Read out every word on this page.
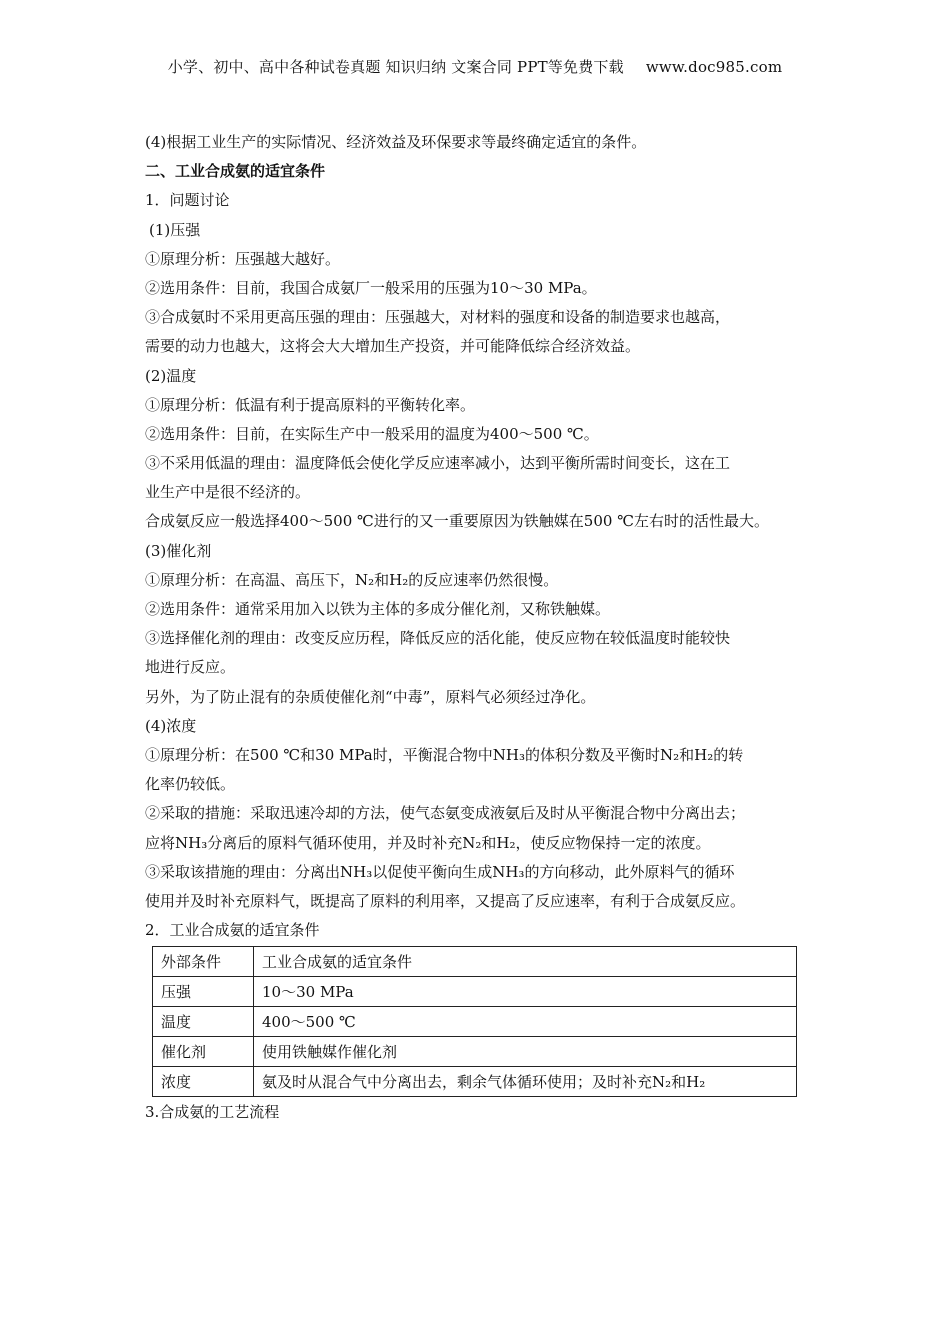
小学、初中、高中各种试卷真题 知识归纳 文案合同 PPT等免费下载 www.doc985.com
(4)根据工业生产的实际情况、经济效益及环保要求等最终确定适宜的条件。
二、工业合成氨的适宜条件
1．问题讨论
(1)压强
①原理分析：压强越大越好。
②选用条件：目前，我国合成氨厂一般采用的压强为10～30 MPa。
③合成氨时不采用更高压强的理由：压强越大，对材料的强度和设备的制造要求也越高，
需要的动力也越大，这将会大大增加生产投资，并可能降低综合经济效益。
(2)温度
①原理分析：低温有利于提高原料的平衡转化率。
②选用条件：目前，在实际生产中一般采用的温度为400～500 ℃。
③不采用低温的理由：温度降低会使化学反应速率减小，达到平衡所需时间变长，这在工
业生产中是很不经济的。
合成氨反应一般选择400～500 ℃进行的又一重要原因为铁触媒在500 ℃左右时的活性最大。
(3)催化剂
①原理分析：在高温、高压下，N₂和H₂的反应速率仍然很慢。
②选用条件：通常采用加入以铁为主体的多成分催化剂，又称铁触媒。
③选择催化剂的理由：改变反应历程，降低反应的活化能，使反应物在较低温度时能较快
地进行反应。
另外，为了防止混有的杂质使催化剂“中毒”，原料气必须经过净化。
(4)浓度
①原理分析：在500 ℃和30 MPa时，平衡混合物中NH₃的体积分数及平衡时N₂和H₂的转
化率仍较低。
②采取的措施：采取迅速冷却的方法，使气态氨变成液氨后及时从平衡混合物中分离出去；
应将NH₃分离后的原料气循环使用，并及时补充N₂和H₂，使反应物保持一定的浓度。
③采取该措施的理由：分离出NH₃以促使平衡向生成NH₃的方向移动，此外原料气的循环
使用并及时补充原料气，既提高了原料的利用率，又提高了反应速率，有利于合成氨反应。
2．工业合成氨的适宜条件
外部条件	工业合成氨的适宜条件
压强	10～30 MPa
温度	400～500 ℃
催化剂	使用铁触媒作催化剂
浓度	氨及时从混合气中分离出去，剩余气体循环使用；及时补充N₂和H₂
3.合成氨的工艺流程
